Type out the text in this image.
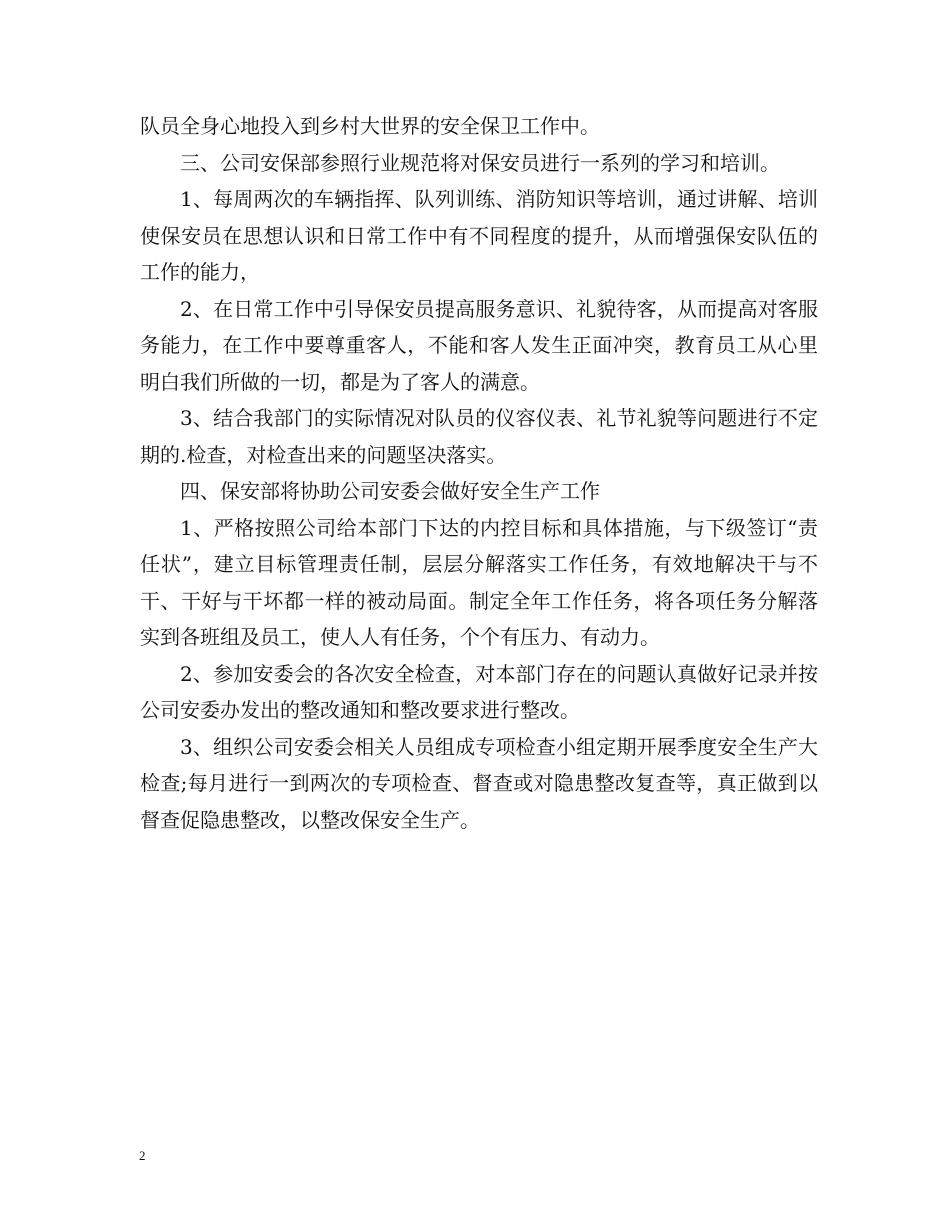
队员全身心地投入到乡村大世界的安全保卫工作中。

三、公司安保部参照行业规范将对保安员进行一系列的学习和培训。

1、每周两次的车辆指挥、队列训练、消防知识等培训，通过讲解、培训使保安员在思想认识和日常工作中有不同程度的提升，从而增强保安队伍的工作的能力，

2、在日常工作中引导保安员提高服务意识、礼貌待客，从而提高对客服务能力，在工作中要尊重客人，不能和客人发生正面冲突，教育员工从心里明白我们所做的一切，都是为了客人的满意。

3、结合我部门的实际情况对队员的仪容仪表、礼节礼貌等问题进行不定期的.检查，对检查出来的问题坚决落实。

四、保安部将协助公司安委会做好安全生产工作

1、严格按照公司给本部门下达的内控目标和具体措施，与下级签订“责任状”，建立目标管理责任制，层层分解落实工作任务，有效地解决干与不干、干好与干坏都一样的被动局面。制定全年工作任务，将各项任务分解落实到各班组及员工，使人人有任务，个个有压力、有动力。

2、参加安委会的各次安全检查，对本部门存在的问题认真做好记录并按公司安委办发出的整改通知和整改要求进行整改。

3、组织公司安委会相关人员组成专项检查小组定期开展季度安全生产大检查;每月进行一到两次的专项检查、督查或对隐患整改复查等，真正做到以督查促隐患整改，以整改保安全生产。

2
